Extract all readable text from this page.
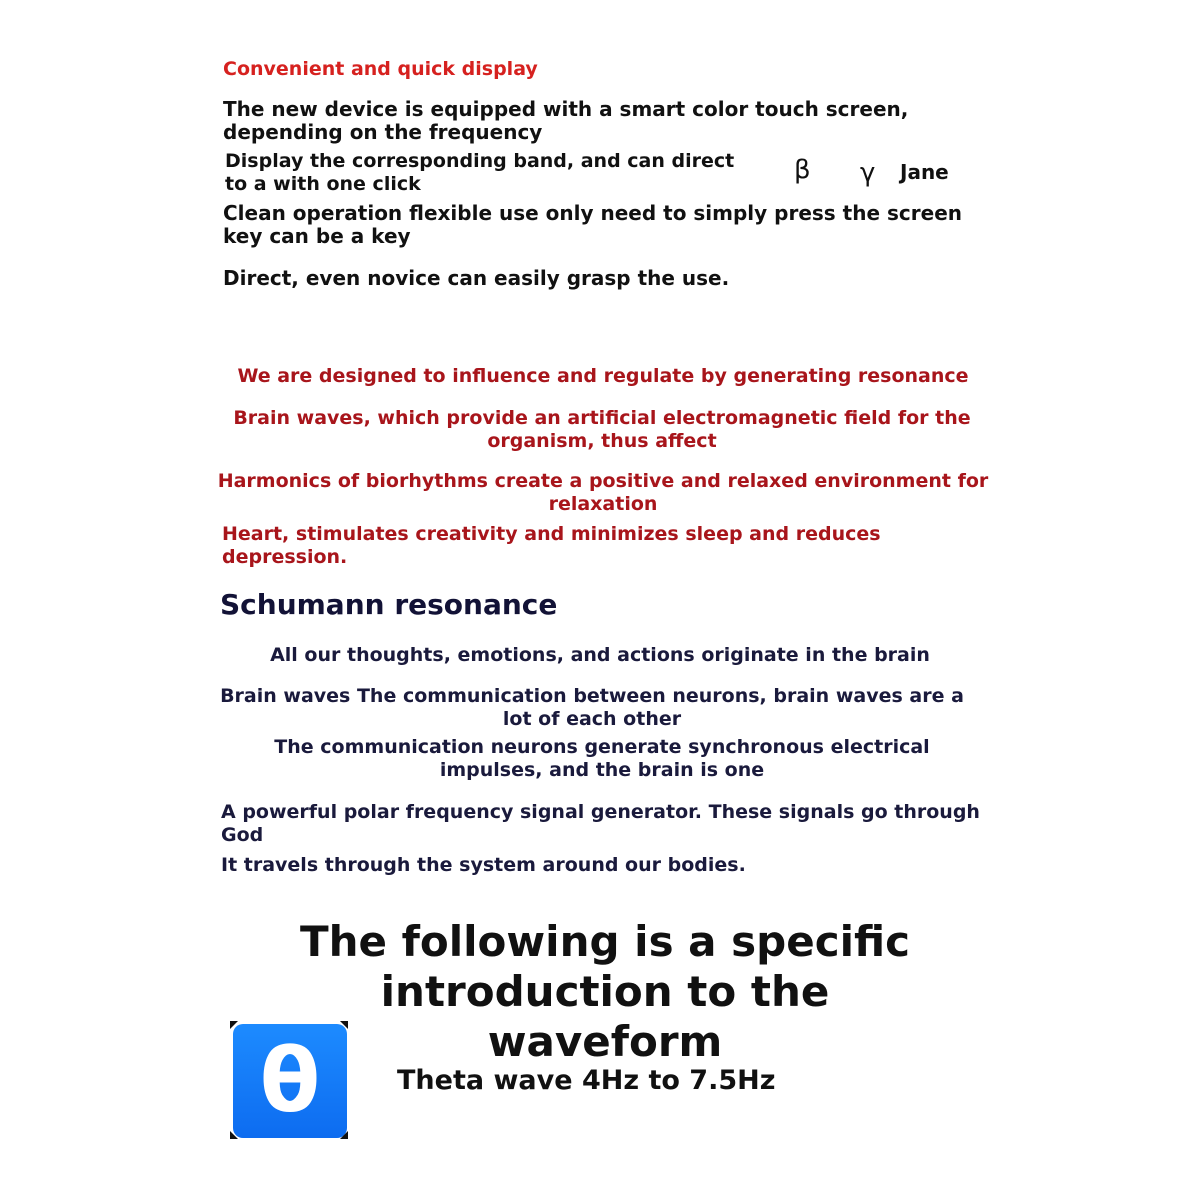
Convenient and quick display

The new device is equipped with a smart color touch screen, depending on the frequency

Display the corresponding band, and can direct to a with one click	β γ Jane

Clean operation flexible use only need to simply press the screen key can be a key

Direct, even novice can easily grasp the use.

We are designed to influence and regulate by generating resonance

Brain waves, which provide an artificial electromagnetic field for the organism, thus affect

Harmonics of biorhythms create a positive and relaxed environment for relaxation

Heart, stimulates creativity and minimizes sleep and reduces depression.

Schumann resonance

All our thoughts, emotions, and actions originate in the brain

Brain waves The communication between neurons, brain waves are a lot of each other

The communication neurons generate synchronous electrical impulses, and the brain is one

A powerful polar frequency signal generator. These signals go through God

It travels through the system around our bodies.

The following is a specific introduction to the waveform
θ	Theta wave 4Hz to 7.5Hz
